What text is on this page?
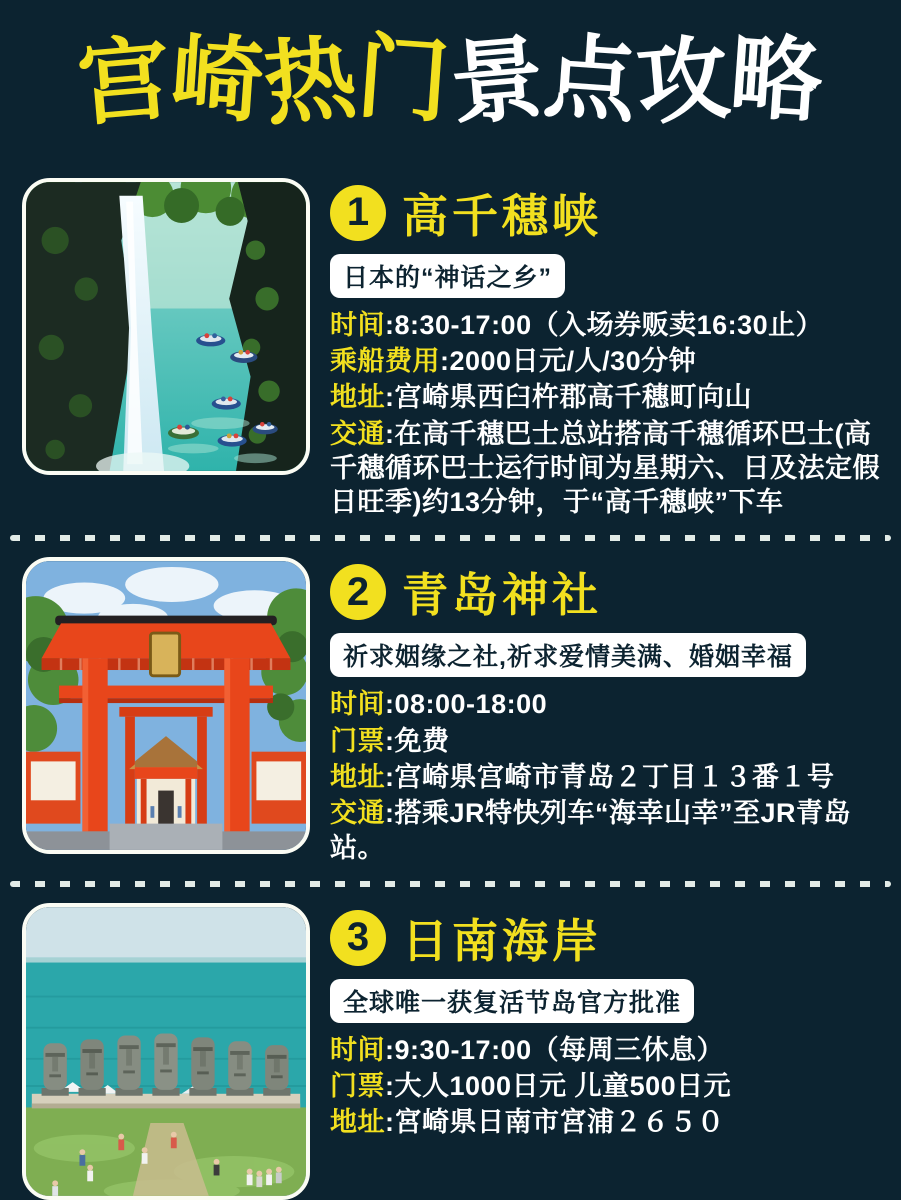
宫崎热门景点攻略
1 高千穗峡
日本的“神话之乡”

时间:8:30-17:00（入场券贩卖16:30止）

乘船费用:2000日元/人/30分钟

地址:宫崎県西臼杵郡高千穗町向山

交通:在高千穗巴士总站搭高千穗循环巴士(高千穗循环巴士运行时间为星期六、日及法定假日旺季)约13分钟，于“高千穗峡”下车

2 青岛神社
祈求姻缘之社,祈求爱情美满、婚姻幸福

时间:08:00-18:00

门票:免费

地址:宫崎県宫崎市青岛２丁目１３番１号

交通:搭乘JR特快列车“海幸山幸”至JR青岛站。

3 日南海岸
全球唯一获复活节岛官方批准

时间:9:30-17:00（每周三休息）

门票:大人1000日元 儿童500日元

地址:宮崎県日南市宮浦２６５０
